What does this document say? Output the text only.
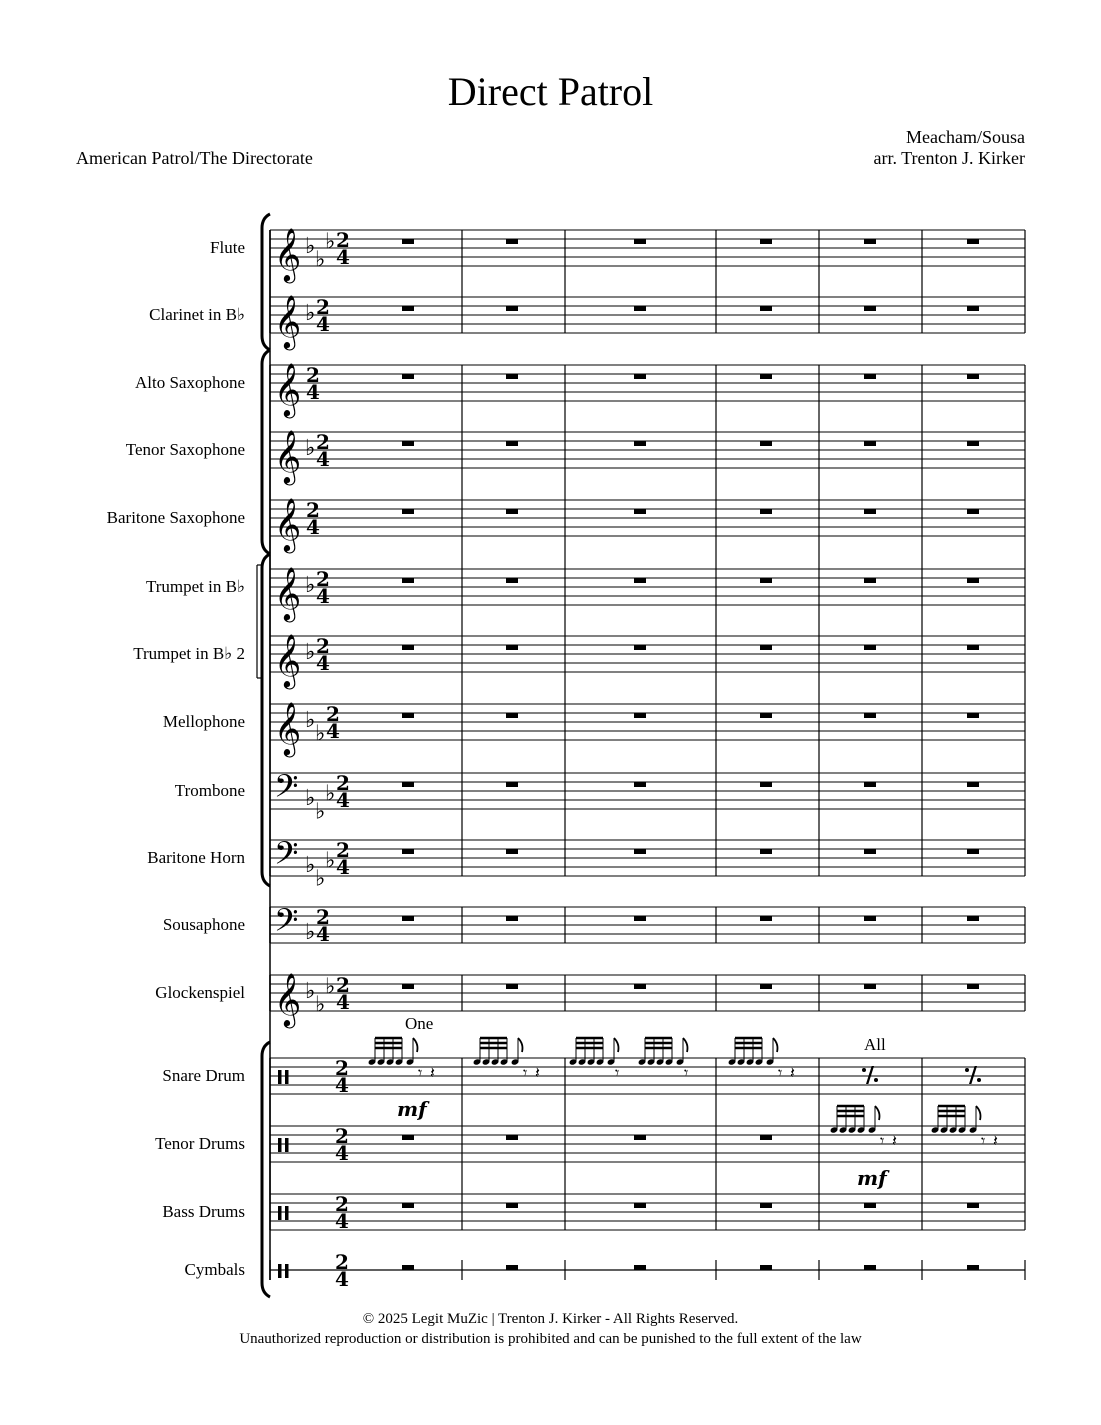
Direct Patrol
American Patrol/The Directorate
Meacham/Sousa
arr. Trenton J. Kirker
Flute
Clarinet in B♭
Alto Saxophone
Tenor Saxophone
Baritone Saxophone
Trumpet in B♭
Trumpet in B♭ 2
Mellophone
Trombone
Baritone Horn
Sousaphone
Glockenspiel
Snare Drum
Tenor Drums
Bass Drums
Cymbals
𝄞 ♭
♭
♭ 2
4
𝄞 ♭ 2
4
𝄞 2
4
𝄞 ♭ 2
4
𝄞 2
4
𝄞 ♭ 2
4
𝄞 ♭ 2
4
𝄞 ♭
♭
2
4
𝄢 ♭
♭
♭ 2
4
𝄢 ♭
♭
♭ 2
4
𝄢 ♭
2
4
𝄞 ♭
♭
♭ 2
4
2
4
2
4
2
4
2
4
𝄾 𝄽	𝄾 𝄽	𝄾	𝄾	𝄾 𝄽	∕	∕
𝄾 𝄽	𝄾 𝄽
One
All
mf
mf
© 2025 Legit MuZic | Trenton J. Kirker - All Rights Reserved.
Unauthorized reproduction or distribution is prohibited and can be punished to the full extent of the law
